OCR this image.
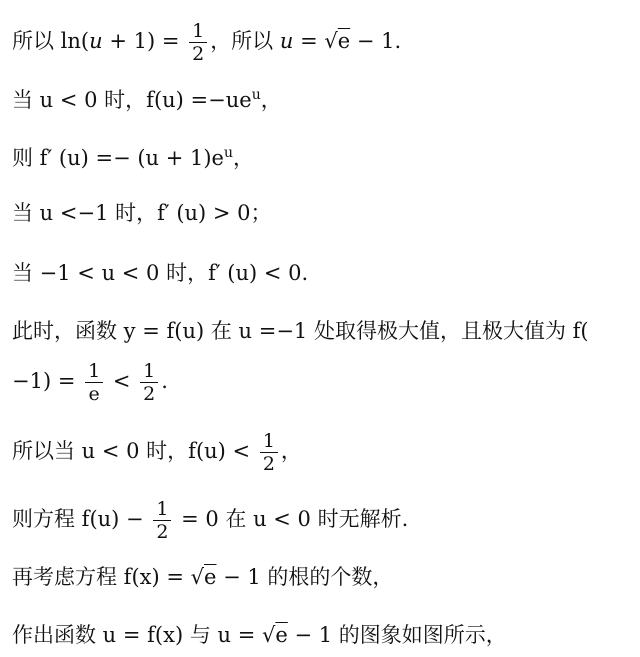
所以 $\ln(u + 1) = \frac{1}{2}$ ，所以 u = √e − 1.
当 u < 0 时，$f(u) =-ue^u$，
则 f′ $(u) =- (u + 1)e^u$，
当 u <−1 时，f′ (u) > 0；
当 −1 < u < 0 时，f′ (u) < 0.
此时，函数 y = f(u) 在 u =−1 处取得极大值，且极大值为 f(
$-1) = \frac{1}{e} < \frac{1}{2}$ .
所以当 u < 0 时，$f(u) < \frac{1}{2}$ ，
则方程 $f(u) - \frac{1}{2} = 0$ 在 u < 0 时无解析.
再考虑方程 f(x) = √e − 1 的根的个数，
作出函数 u = f(x) 与 u = √e − 1 的图象如图所示，
